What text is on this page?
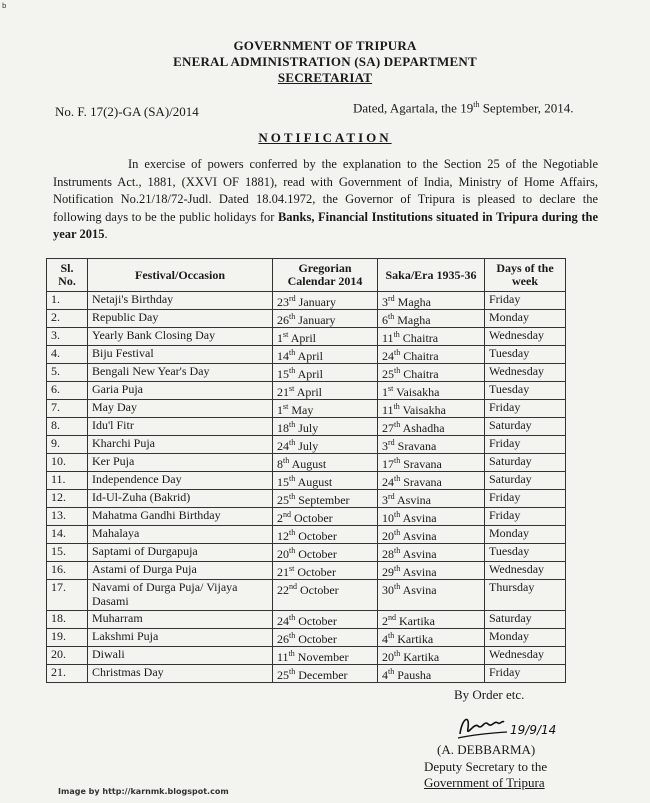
b
GOVERNMENT OF TRIPURA
ENERAL ADMINISTRATION (SA) DEPARTMENT
SECRETARIAT
No. F. 17(2)-GA (SA)/2014	Dated, Agartala, the 19th September, 2014.
NOTIFICATION
In exercise of powers conferred by the explanation to the Section 25 of the Negotiable Instruments Act., 1881, (XXVI OF 1881), read with Government of India, Ministry of Home Affairs, Notification No.21/18/72-Judl. Dated 18.04.1972, the Governor of Tripura is pleased to declare the following days to be the public holidays for Banks, Financial Institutions situated in Tripura during the year 2015.
Sl. No.	Festival/Occasion	Gregorian Calendar 2014	Saka/Era 1935-36	Days of the week
1.	Netaji's Birthday	23rd January	3rd Magha	Friday
2.	Republic Day	26th January	6th Magha	Monday
3.	Yearly Bank Closing Day	1st April	11th Chaitra	Wednesday
4.	Biju Festival	14th April	24th Chaitra	Tuesday
5.	Bengali New Year's Day	15th April	25th Chaitra	Wednesday
6.	Garia Puja	21st April	1st Vaisakha	Tuesday
7.	May Day	1st May	11th Vaisakha	Friday
8.	Idu'l Fitr	18th July	27th Ashadha	Saturday
9.	Kharchi Puja	24th July	3rd Sravana	Friday
10.	Ker Puja	8th August	17th Sravana	Saturday
11.	Independence Day	15th August	24th Sravana	Saturday
12.	Id-Ul-Zuha (Bakrid)	25th September	3rd Asvina	Friday
13.	Mahatma Gandhi Birthday	2nd October	10th Asvina	Friday
14.	Mahalaya	12th October	20th Asvina	Monday
15.	Saptami of Durgapuja	20th October	28th Asvina	Tuesday
16.	Astami of Durga Puja	21st October	29th Asvina	Wednesday
17.	Navami of Durga Puja/ Vijaya Dasami	22nd October	30th Asvina	Thursday
18.	Muharram	24th October	2nd Kartika	Saturday
19.	Lakshmi Puja	26th October	4th Kartika	Monday
20.	Diwali	11th November	20th Kartika	Wednesday
21.	Christmas Day	25th December	4th Pausha	Friday
By Order etc.
19/9/14
(A. DEBBARMA)
Deputy Secretary to the
Government of Tripura
Image by http://karnmk.blogspot.com
